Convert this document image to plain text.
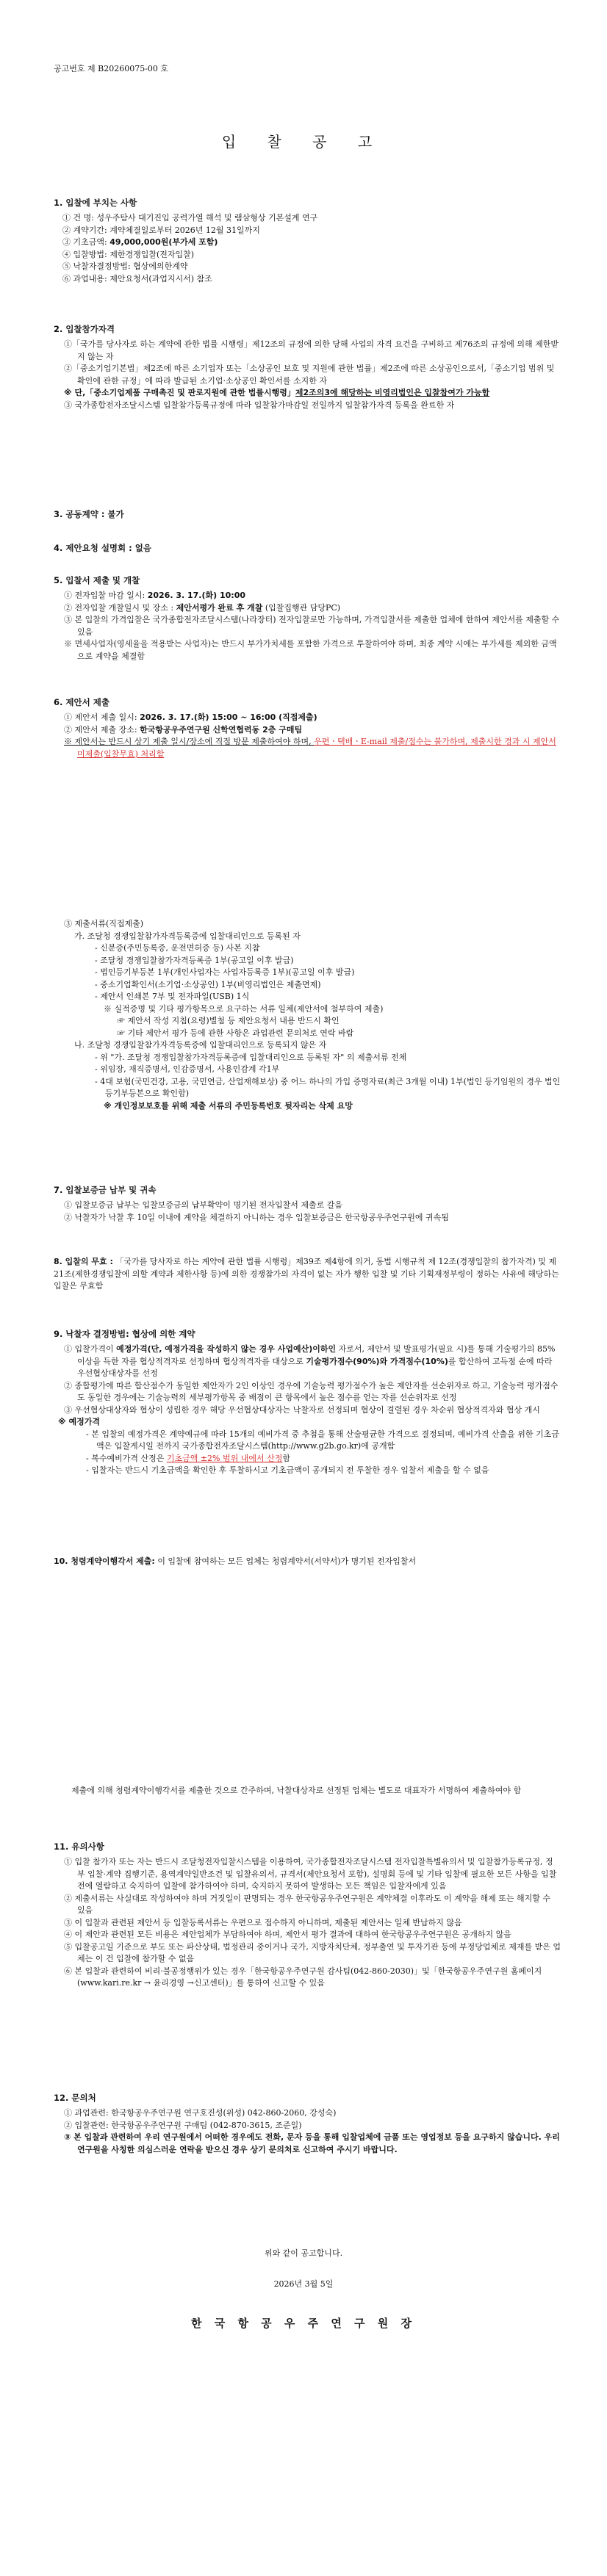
공고번호 제 B20260075-00 호
입 찰 공 고

1. 입찰에 부치는 사항

① 건 명: 성우주탐사 대기진입 공력가열 해석 및 램삼형상 기본설계 연구

② 계약기간: 계약체결일로부터 2026년 12월 31일까지

③ 기초금액: 49,000,000원(부가세 포함)

④ 입찰방법: 제한경쟁입찰(전자입찰)

⑤ 낙찰자결정방법: 협상에의한계약

⑥ 과업내용: 제안요청서(과업지시서) 참조

2. 입찰참가자격

①「국가를 당사자로 하는 계약에 관한 법률 시행령」제12조의 규정에 의한 당해 사업의 자격 요건을 구비하고 제76조의 규정에 의해 제한받지 않는 자

②「중소기업기본법」제2조에 따른 소기업자 또는「소상공인 보호 및 지원에 관한 법률」제2조에 따른 소상공인으로서,「중소기업 범위 및 확인에 관한 규정」에 따라 발급된 소기업·소상공인 확인서를 소지한 자

※ 단,「중소기업제품 구매촉진 및 판로지원에 관한 법률시행령」제2조의3에 해당하는 비영리법인은 입찰참여가 가능함

③ 국가종합전자조달시스템 입찰참가등록규정에 따라 입찰참가마감일 전일까지 입찰참가자격 등록을 완료한 자

3. 공동계약 : 불가

4. 제안요청 설명회 : 없음

5. 입찰서 제출 및 개찰

① 전자입찰 마감 일시: 2026. 3. 17.(화) 10:00

② 전자입찰 개찰일시 및 장소 : 제안서평가 완료 후 개찰 (입찰집행관 담당PC)

③ 본 입찰의 가격입찰은 국가종합전자조달시스템(나라장터) 전자입찰로만 가능하며, 가격입찰서를 제출한 업체에 한하여 제안서를 제출할 수 있음

※ 면세사업자(영세율을 적용받는 사업자)는 반드시 부가가치세를 포함한 가격으로 투찰하여야 하며, 최종 계약 시에는 부가세를 제외한 금액으로 계약을 체결함

6. 제안서 제출

① 제안서 제출 일시: 2026. 3. 17.(화) 15:00 ~ 16:00 (직접제출)

② 제안서 제출 장소: 한국항공우주연구원 신학연협력동 2층 구매팀

※ 제안서는 반드시 상기 제출 일시/장소에 직접 방문 제출하여야 하며, 우편ㆍ택배ㆍE-mail 제출/접수는 불가하며, 제출시한 경과 시 제안서미제출(입찰무효) 처리함

③ 제출서류(직접제출)

가. 조달청 경쟁입찰참가자격등록증에 입찰대리인으로 등록된 자

- 신분증(주민등록증, 운전면허증 등) 사본 지참

- 조달청 경쟁입찰참가자격등록증 1부(공고일 이후 발급)

- 법인등기부등본 1부(개인사업자는 사업자등록증 1부)(공고일 이후 발급)

- 중소기업확인서(소기업·소상공인) 1부(비영리법인은 제출면제)

- 제안서 인쇄본 7부 및 전자파일(USB) 1식

※ 실적증명 및 기타 평가항목으로 요구하는 서류 일체(제안서에 첨부하여 제출)

☞ 제안서 작성 지침(요령)별첨 등 제안요청서 내용 반드시 확인

☞ 기타 제안서 평가 등에 관한 사항은 과업관련 문의처로 연락 바람

나. 조달청 경쟁입찰참가자격등록증에 입찰대리인으로 등록되지 않은 자

- 위 "가. 조달청 경쟁입찰참가자격등록증에 입찰대리인으로 등록된 자" 의 제출서류 전체

- 위임장, 재직증명서, 인감증명서, 사용인감계 각1부

- 4대 보험(국민건강, 고용, 국민연금, 산업재해보상) 중 어느 하나의 가입 증명자료(최근 3개월 이내) 1부(법인 등기임원의 경우 법인등기부등본으로 확인함)

※ 개인정보보호를 위해 제출 서류의 주민등록번호 뒷자리는 삭제 요망

7. 입찰보증금 납부 및 귀속

① 입찰보증금 납부는 입찰보증금의 납부확약이 명기된 전자입찰서 제출로 갈음

② 낙찰자가 낙찰 후 10일 이내에 계약을 체결하지 아니하는 경우 입찰보증금은 한국항공우주연구원에 귀속됨

8. 입찰의 무효 : 「국가를 당사자로 하는 계약에 관한 법률 시행령」제39조 제4항에 의거, 동법 시행규칙 제 12조(경쟁입찰의 참가자격) 및 제21조(제한경쟁입찰에 의할 계약과 제한사항 등)에 의한 경쟁참가의 자격이 없는 자가 행한 입찰 및 기타 기획재정부령이 정하는 사유에 해당하는 입찰은 무효함

9. 낙찰자 결정방법: 협상에 의한 계약

① 입찰가격이 예정가격(단, 예정가격을 작성하지 않는 경우 사업예산)이하인 자로서, 제안서 및 발표평가(필요 시)를 통해 기술평가의 85%이상을 득한 자를 협상적격자로 선정하며 협상적격자를 대상으로 기술평가점수(90%)와 가격점수(10%)를 합산하여 고득점 순에 따라 우선협상대상자를 선정

② 종합평가에 따른 합산점수가 동일한 제안자가 2인 이상인 경우에 기술능력 평가점수가 높은 제안자를 선순위자로 하고, 기술능력 평가점수도 동일한 경우에는 기술능력의 세부평가항목 중 배점이 큰 항목에서 높은 점수를 얻는 자를 선순위자로 선정

③ 우선협상대상자와 협상이 성립한 경우 해당 우선협상대상자는 낙찰자로 선정되며 협상이 결렬된 경우 차순위 협상적격자와 협상 개시

※ 예정가격

- 본 입찰의 예정가격은 계약예규에 따라 15개의 예비가격 중 추첨을 통해 산술평균한 가격으로 결정되며, 예비가격 산출을 위한 기초금액은 입찰게시일 전까지 국가종합전자조달시스템(http://www.g2b.go.kr)에 공개함

- 복수예비가격 산정은 기초금액 ±2% 범위 내에서 산정함

- 입찰자는 반드시 기초금액을 확인한 후 투찰하시고 기초금액이 공개되지 전 투찰한 경우 입찰서 제출을 할 수 없음

10. 청렴계약이행각서 제출: 이 입찰에 참여하는 모든 업체는 청렴계약서(서약서)가 명기된 전자입찰서

제출에 의해 청렴계약이행각서를 제출한 것으로 간주하며, 낙찰대상자로 선정된 업체는 별도로 대표자가 서명하여 제출하여야 함

11. 유의사항

① 입찰 참가자 또는 자는 반드시 조달청전자입찰시스템을 이용하여, 국가종합전자조달시스템 전자입찰특별유의서 및 입찰참가등록규정, 정부 입찰·계약 집행기준, 용역계약일반조건 및 입찰유의서, 규격서(제안요청서 포함), 설명회 등에 및 기타 입찰에 필요한 모든 사항을 입찰 전에 열람하고 숙지하여 입찰에 참가하여야 하며, 숙지하지 못하여 발생하는 모든 책임은 입찰자에게 있음

② 제출서류는 사실대로 작성하여야 하며 거짓일이 판명되는 경우 한국항공우주연구원은 계약체결 이후라도 이 계약을 해제 또는 해지할 수 있음

③ 이 입찰과 관련된 제안서 등 입찰등록서류는 우편으로 접수하지 아니하며, 제출된 제안서는 일체 반납하지 않음

④ 이 제안과 관련된 모든 비용은 제안업체가 부담하여야 하며, 제안서 평가 결과에 대하여 한국항공우주연구원은 공개하지 않음

⑤ 입찰공고일 기준으로 부도 또는 파산상태, 법정관리 중이거나 국가, 지방자치단체, 정부출연 및 투자기관 등에 부정당업체로 제재를 받은 업체는 이 건 입찰에 참가할 수 없음

⑥ 본 입찰과 관련하여 비리·불공정행위가 있는 경우「한국항공우주연구원 감사팀(042-860-2030)」및「한국항공우주연구원 홈페이지(www.kari.re.kr → 윤리경영 →신고센터)」를 통하여 신고할 수 있음

12. 문의처

① 과업관련: 한국항공우주연구원 연구호진성(위성) 042-860-2060, 강성숙)

② 입찰관련: 한국항공우주연구원 구매팀 (042-870-3615, 조준일)

③ 본 입찰과 관련하여 우리 연구원에서 어떠한 경우에도 전화, 문자 등을 통해 입찰업체에 금품 또는 영업정보 등을 요구하지 않습니다. 우리 연구원을 사칭한 의심스러운 연락을 받으신 경우 상기 문의처로 신고하여 주시기 바랍니다.

위와 같이 공고합니다.
2026년 3월 5일
한 국 항 공 우 주 연 구 원 장
